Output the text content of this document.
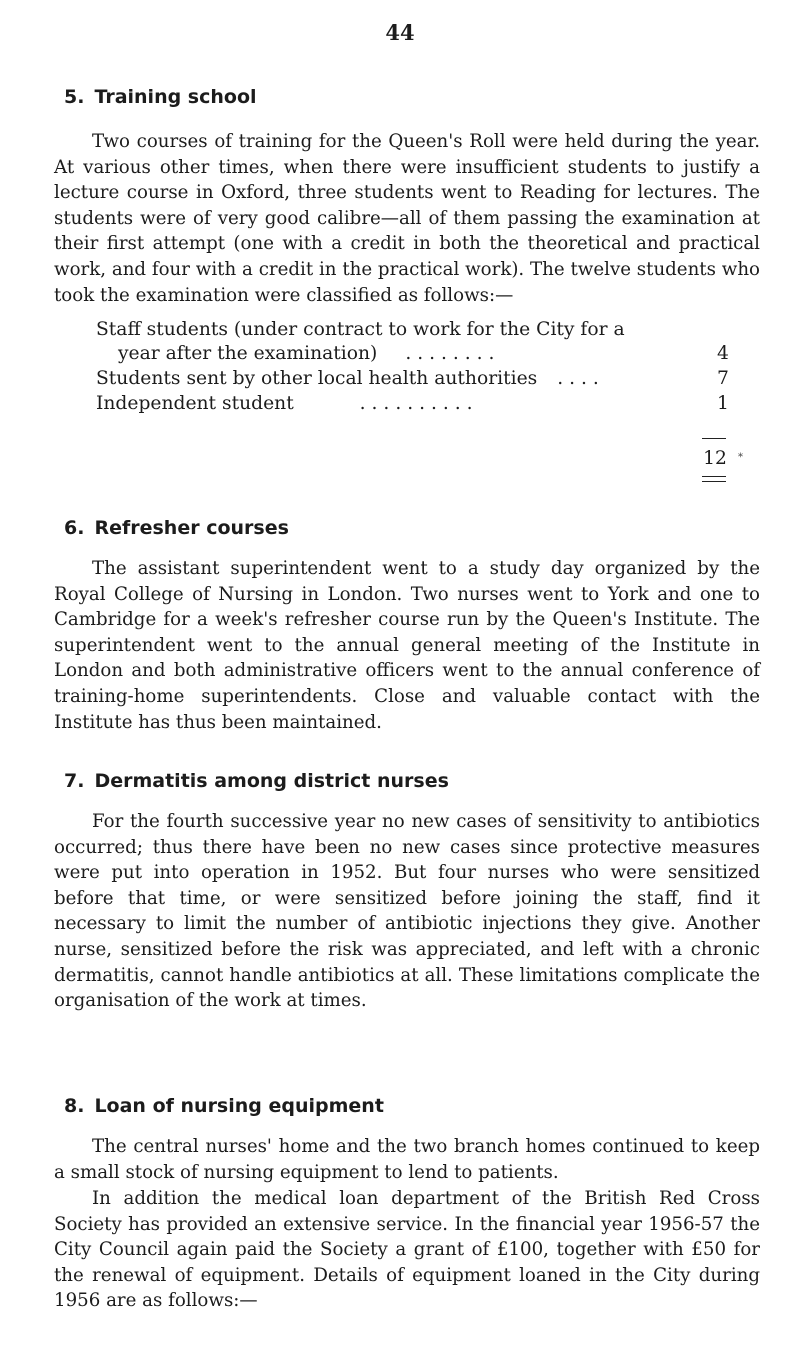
44
5. Training school

Two courses of training for the Queen's Roll were held during the year. At various other times, when there were insufficient students to justify a lecture course in Oxford, three students went to Reading for lectures. The students were of very good calibre—all of them passing the examination at their first attempt (one with a credit in both the theoretical and practical work, and four with a credit in the practical work). The twelve students who took the examination were classified as follows:—

Staff students (under contract to work for the City for a
year after the examination) . . . . . . . .	4
Students sent by other local health authorities . . . .	7
Independent student	. . . . . . . . . .	1
12	*
6. Refresher courses

The assistant superintendent went to a study day organized by the Royal College of Nursing in London. Two nurses went to York and one to Cambridge for a week's refresher course run by the Queen's Institute. The superintendent went to the annual general meeting of the Institute in London and both administrative officers went to the annual conference of training-home superintendents. Close and valuable contact with the Institute has thus been maintained.

7. Dermatitis among district nurses

For the fourth successive year no new cases of sensitivity to antibiotics occurred; thus there have been no new cases since protective measures were put into operation in 1952. But four nurses who were sensitized before that time, or were sensitized before joining the staff, find it necessary to limit the number of antibiotic injections they give. Another nurse, sensitized before the risk was appreciated, and left with a chronic dermatitis, cannot handle antibiotics at all. These limitations complicate the organisation of the work at times.

8. Loan of nursing equipment

The central nurses' home and the two branch homes continued to keep a small stock of nursing equipment to lend to patients.

In addition the medical loan department of the British Red Cross Society has provided an extensive service. In the financial year 1956-57 the City Council again paid the Society a grant of £100, together with £50 for the renewal of equipment. Details of equipment loaned in the City during 1956 are as follows:—
